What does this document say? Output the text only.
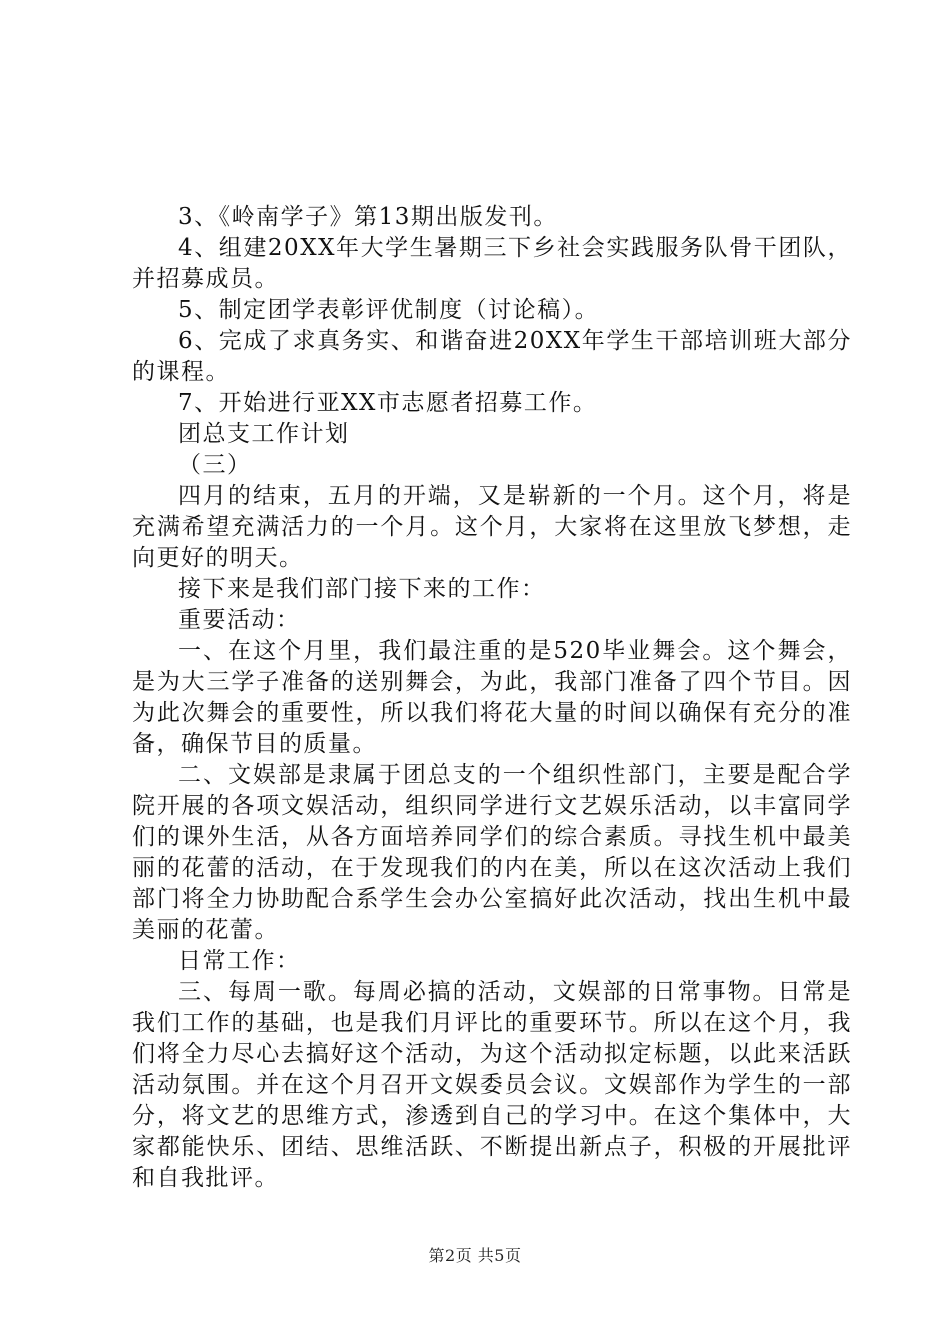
3、《岭南学子》第13期出版发刊。

4、组建20XX年大学生暑期三下乡社会实践服务队骨干团队，并招募成员。

5、制定团学表彰评优制度（讨论稿）。

6、完成了求真务实、和谐奋进20XX年学生干部培训班大部分的课程。

7、开始进行亚XX市志愿者招募工作。

团总支工作计划

（三）

四月的结束，五月的开端，又是崭新的一个月。这个月，将是充满希望充满活力的一个月。这个月，大家将在这里放飞梦想，走向更好的明天。

接下来是我们部门接下来的工作：

重要活动：

一、在这个月里，我们最注重的是520毕业舞会。这个舞会，是为大三学子准备的送别舞会，为此，我部门准备了四个节目。因为此次舞会的重要性，所以我们将花大量的时间以确保有充分的准备，确保节目的质量。

二、文娱部是隶属于团总支的一个组织性部门，主要是配合学院开展的各项文娱活动，组织同学进行文艺娱乐活动，以丰富同学们的课外生活，从各方面培养同学们的综合素质。寻找生机中最美丽的花蕾的活动，在于发现我们的内在美，所以在这次活动上我们部门将全力协助配合系学生会办公室搞好此次活动，找出生机中最美丽的花蕾。

日常工作：

三、每周一歌。每周必搞的活动，文娱部的日常事物。日常是我们工作的基础，也是我们月评比的重要环节。所以在这个月，我们将全力尽心去搞好这个活动，为这个活动拟定标题，以此来活跃活动氛围。并在这个月召开文娱委员会议。文娱部作为学生的一部分，将文艺的思维方式，渗透到自己的学习中。在这个集体中，大家都能快乐、团结、思维活跃、不断提出新点子，积极的开展批评和自我批评。

第2页 共5页
